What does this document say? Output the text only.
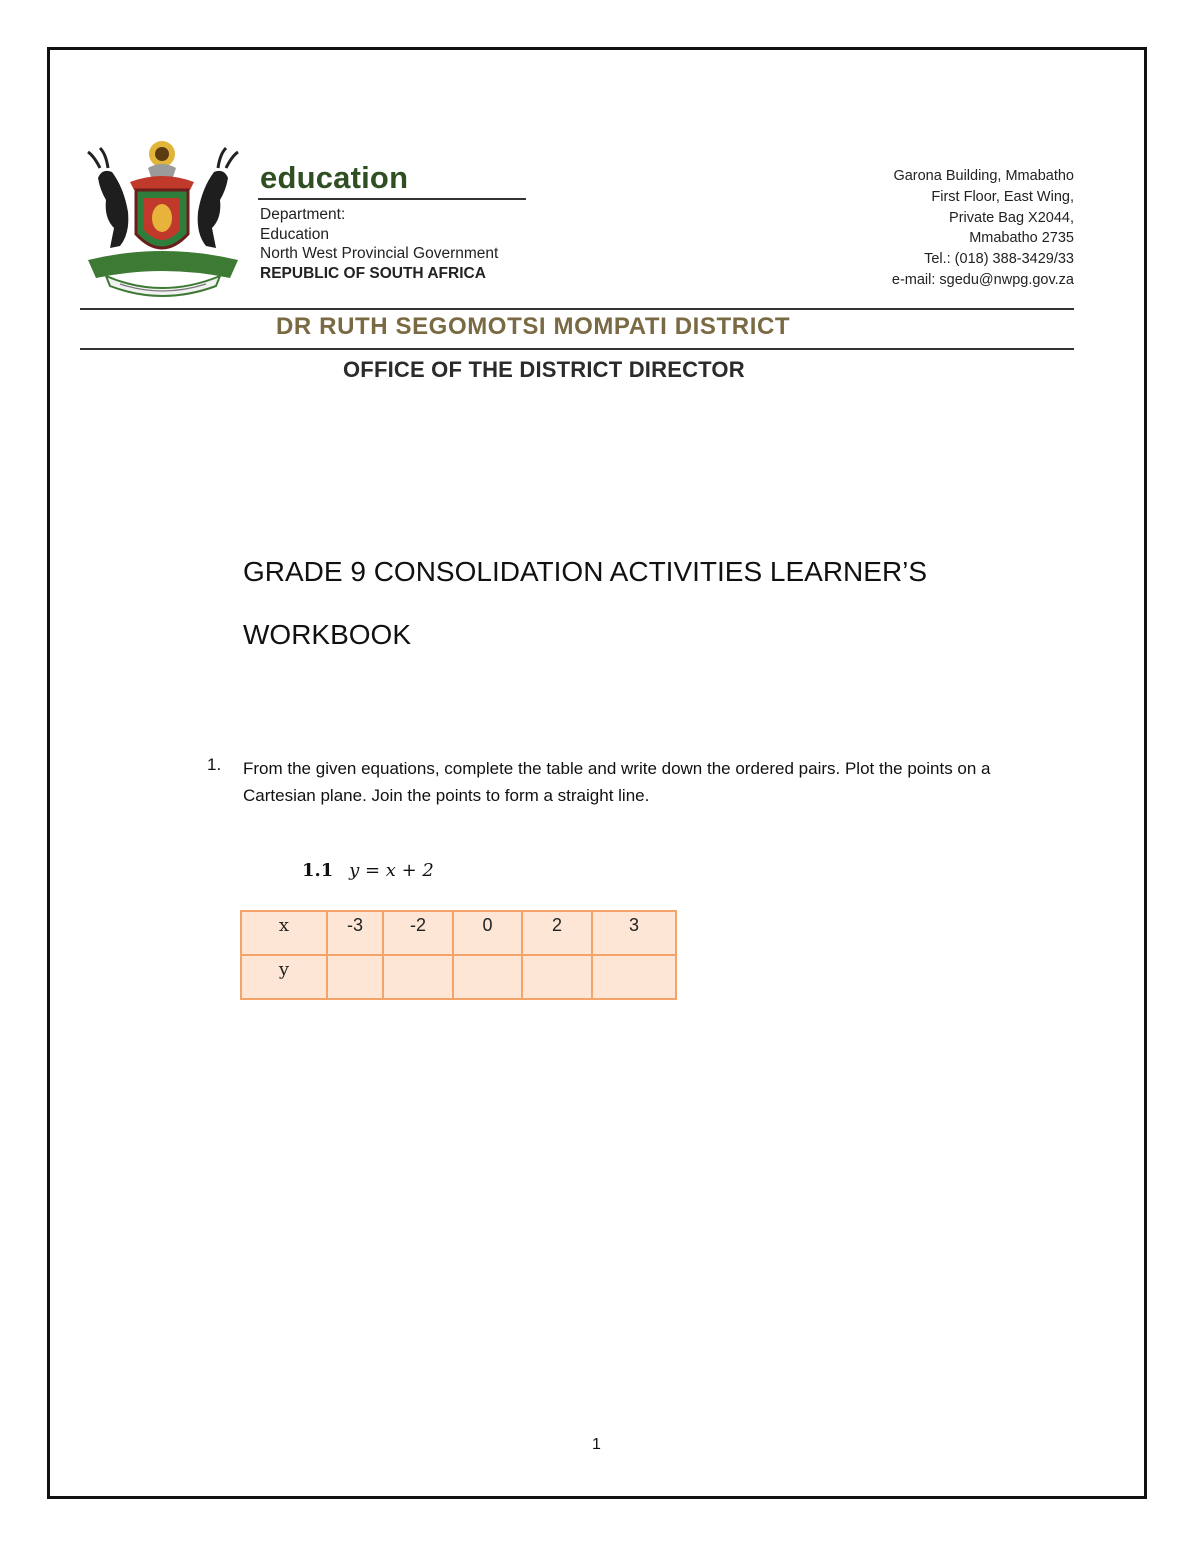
education
Department:
Education
North West Provincial Government
REPUBLIC OF SOUTH AFRICA
Garona Building, Mmabatho
First Floor, East Wing,
Private Bag X2044,
Mmabatho 2735
Tel.: (018) 388-3429/33
e-mail: sgedu@nwpg.gov.za
DR RUTH SEGOMOTSI MOMPATI DISTRICT
OFFICE OF THE DISTRICT DIRECTOR
GRADE 9 CONSOLIDATION ACTIVITIES LEARNER’S
WORKBOOK
1. From the given equations, complete the table and write down the ordered pairs. Plot the points on a Cartesian plane. Join the points to form a straight line.
1.1 y = x + 2
x	-3	-2	0	2	3
y					
1
